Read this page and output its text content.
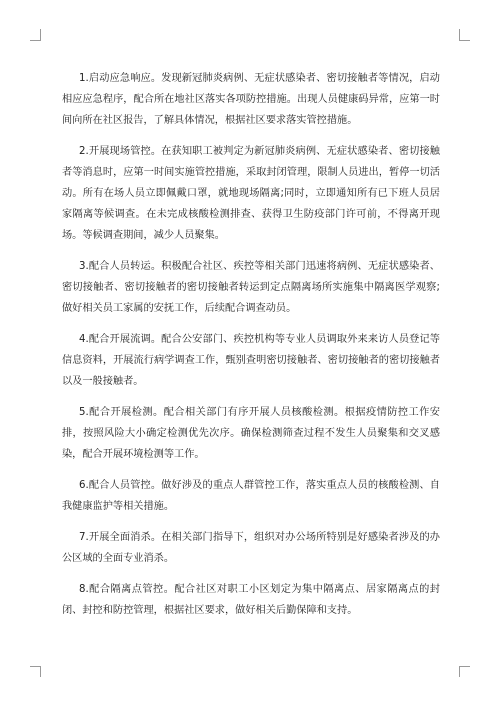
1.启动应急响应。发现新冠肺炎病例、无症状感染者、密切接触者等情况，启动相应应急程序，配合所在地社区落实各项防控措施。出现人员健康码异常，应第一时间向所在社区报告，了解具体情况，根据社区要求落实管控措施。

2.开展现场管控。在获知职工被判定为新冠肺炎病例、无症状感染者、密切接触者等消息时，应第一时间实施管控措施，采取封闭管理，限制人员进出，暂停一切活动。所有在场人员立即佩戴口罩，就地现场隔离;同时，立即通知所有已下班人员居家隔离等候调查。在未完成核酸检测排查、获得卫生防疫部门许可前，不得离开现场。等候调查期间，减少人员聚集。

3.配合人员转运。积极配合社区、疾控等相关部门迅速将病例、无症状感染者、密切接触者、密切接触者的密切接触者转运到定点隔离场所实施集中隔离医学观察;做好相关员工家属的安抚工作，后续配合调查动员。

4.配合开展流调。配合公安部门、疾控机构等专业人员调取外来来访人员登记等信息资料，开展流行病学调查工作，甄别查明密切接触者、密切接触者的密切接触者以及一般接触者。

5.配合开展检测。配合相关部门有序开展人员核酸检测。根据疫情防控工作安排，按照风险大小确定检测优先次序。确保检测筛查过程不发生人员聚集和交叉感染，配合开展环境检测等工作。

6.配合人员管控。做好涉及的重点人群管控工作，落实重点人员的核酸检测、自我健康监护等相关措施。

7.开展全面消杀。在相关部门指导下，组织对办公场所特别是好感染者涉及的办公区域的全面专业消杀。

8.配合隔离点管控。配合社区对职工小区划定为集中隔离点、居家隔离点的封闭、封控和防控管理，根据社区要求，做好相关后勤保障和支持。
